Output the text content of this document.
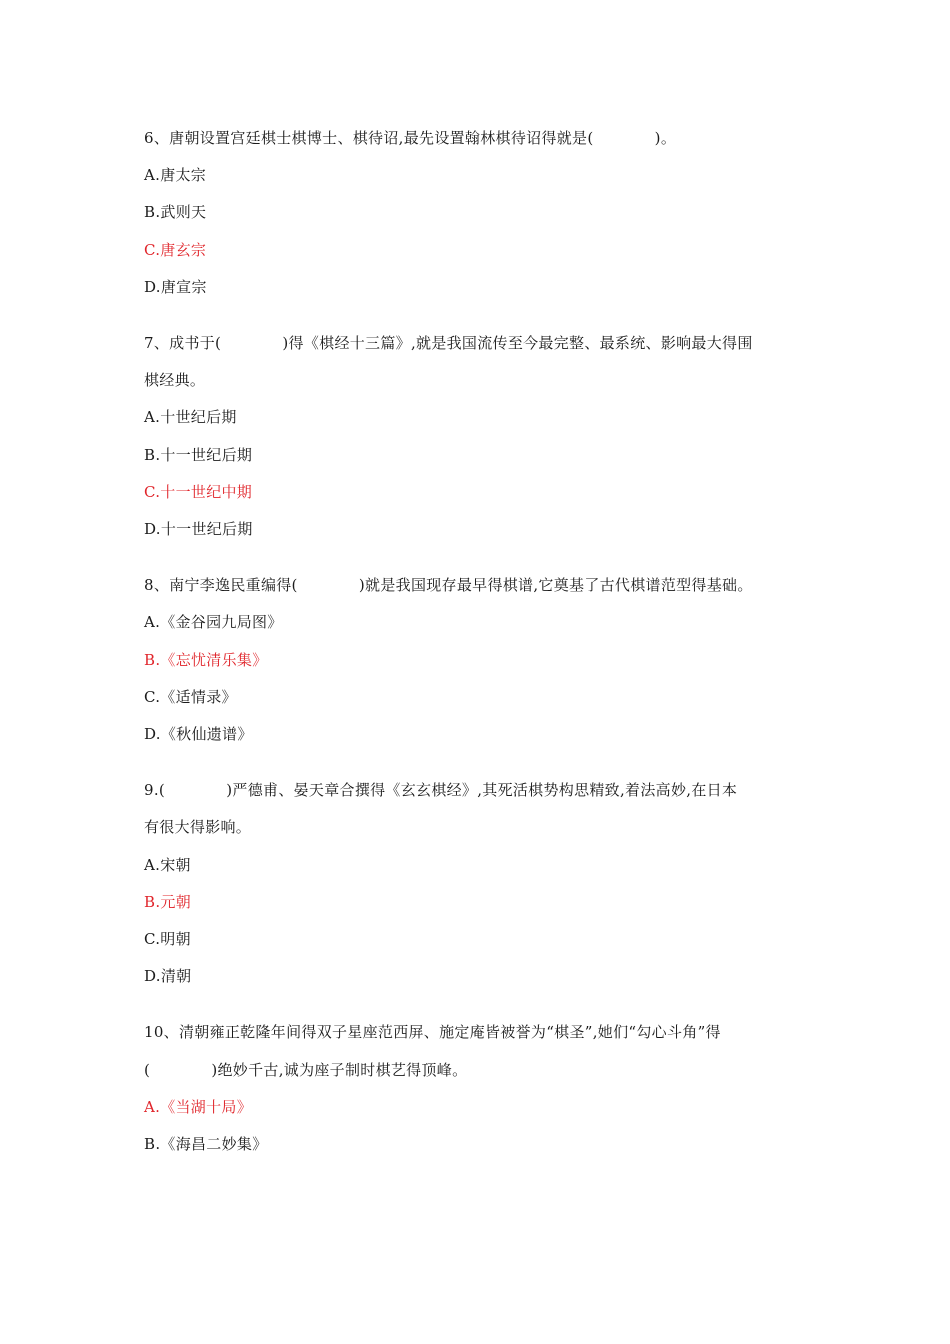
6、唐朝设置宫廷棋士棋博士、棋待诏,最先设置翰林棋待诏得就是(　　　　)。
A.唐太宗
B.武则天
C.唐玄宗
D.唐宣宗
7、成书于(　　　　)得《棋经十三篇》,就是我国流传至今最完整、最系统、影响最大得围
棋经典。
A.十世纪后期
B.十一世纪后期
C.十一世纪中期
D.十一世纪后期
8、南宁李逸民重编得(　　　　)就是我国现存最早得棋谱,它奠基了古代棋谱范型得基础。
A.《金谷园九局图》
B.《忘忧清乐集》
C.《适情录》
D.《秋仙遗谱》
9.(　　　　)严德甫、晏天章合撰得《玄玄棋经》,其死活棋势构思精致,着法高妙,在日本
有很大得影响。
A.宋朝
B.元朝
C.明朝
D.清朝
10、清朝雍正乾隆年间得双子星座范西屏、施定庵皆被誉为“棋圣”,她们“勾心斗角”得
(　　　　)绝妙千古,诚为座子制时棋艺得顶峰。
A.《当湖十局》
B.《海昌二妙集》
